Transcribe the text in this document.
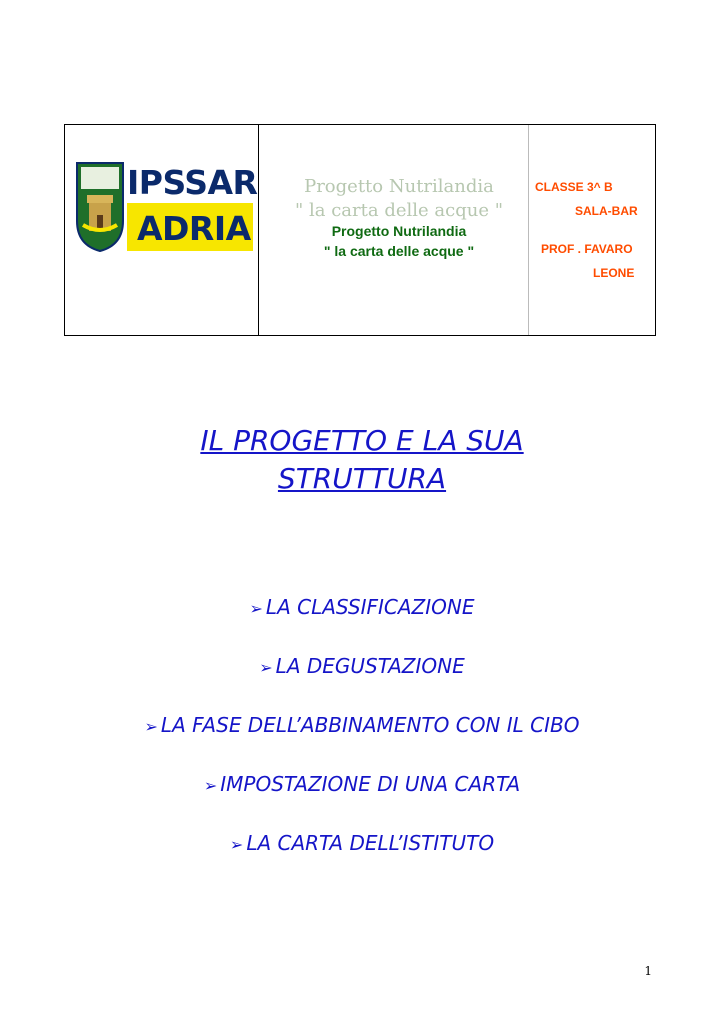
IPSSAR
ADRIA
Progetto Nutrilandia
" la carta delle acque "
Progetto Nutrilandia
" la carta delle acque "
CLASSE 3^ B
SALA-BAR
PROF . FAVARO
LEONE
IL PROGETTO E LA SUA
STRUTTURA
➢ LA CLASSIFICAZIONE
➢ LA DEGUSTAZIONE
➢ LA FASE DELL’ABBINAMENTO CON IL CIBO
➢ IMPOSTAZIONE DI UNA CARTA
➢ LA CARTA DELL’ISTITUTO
1
